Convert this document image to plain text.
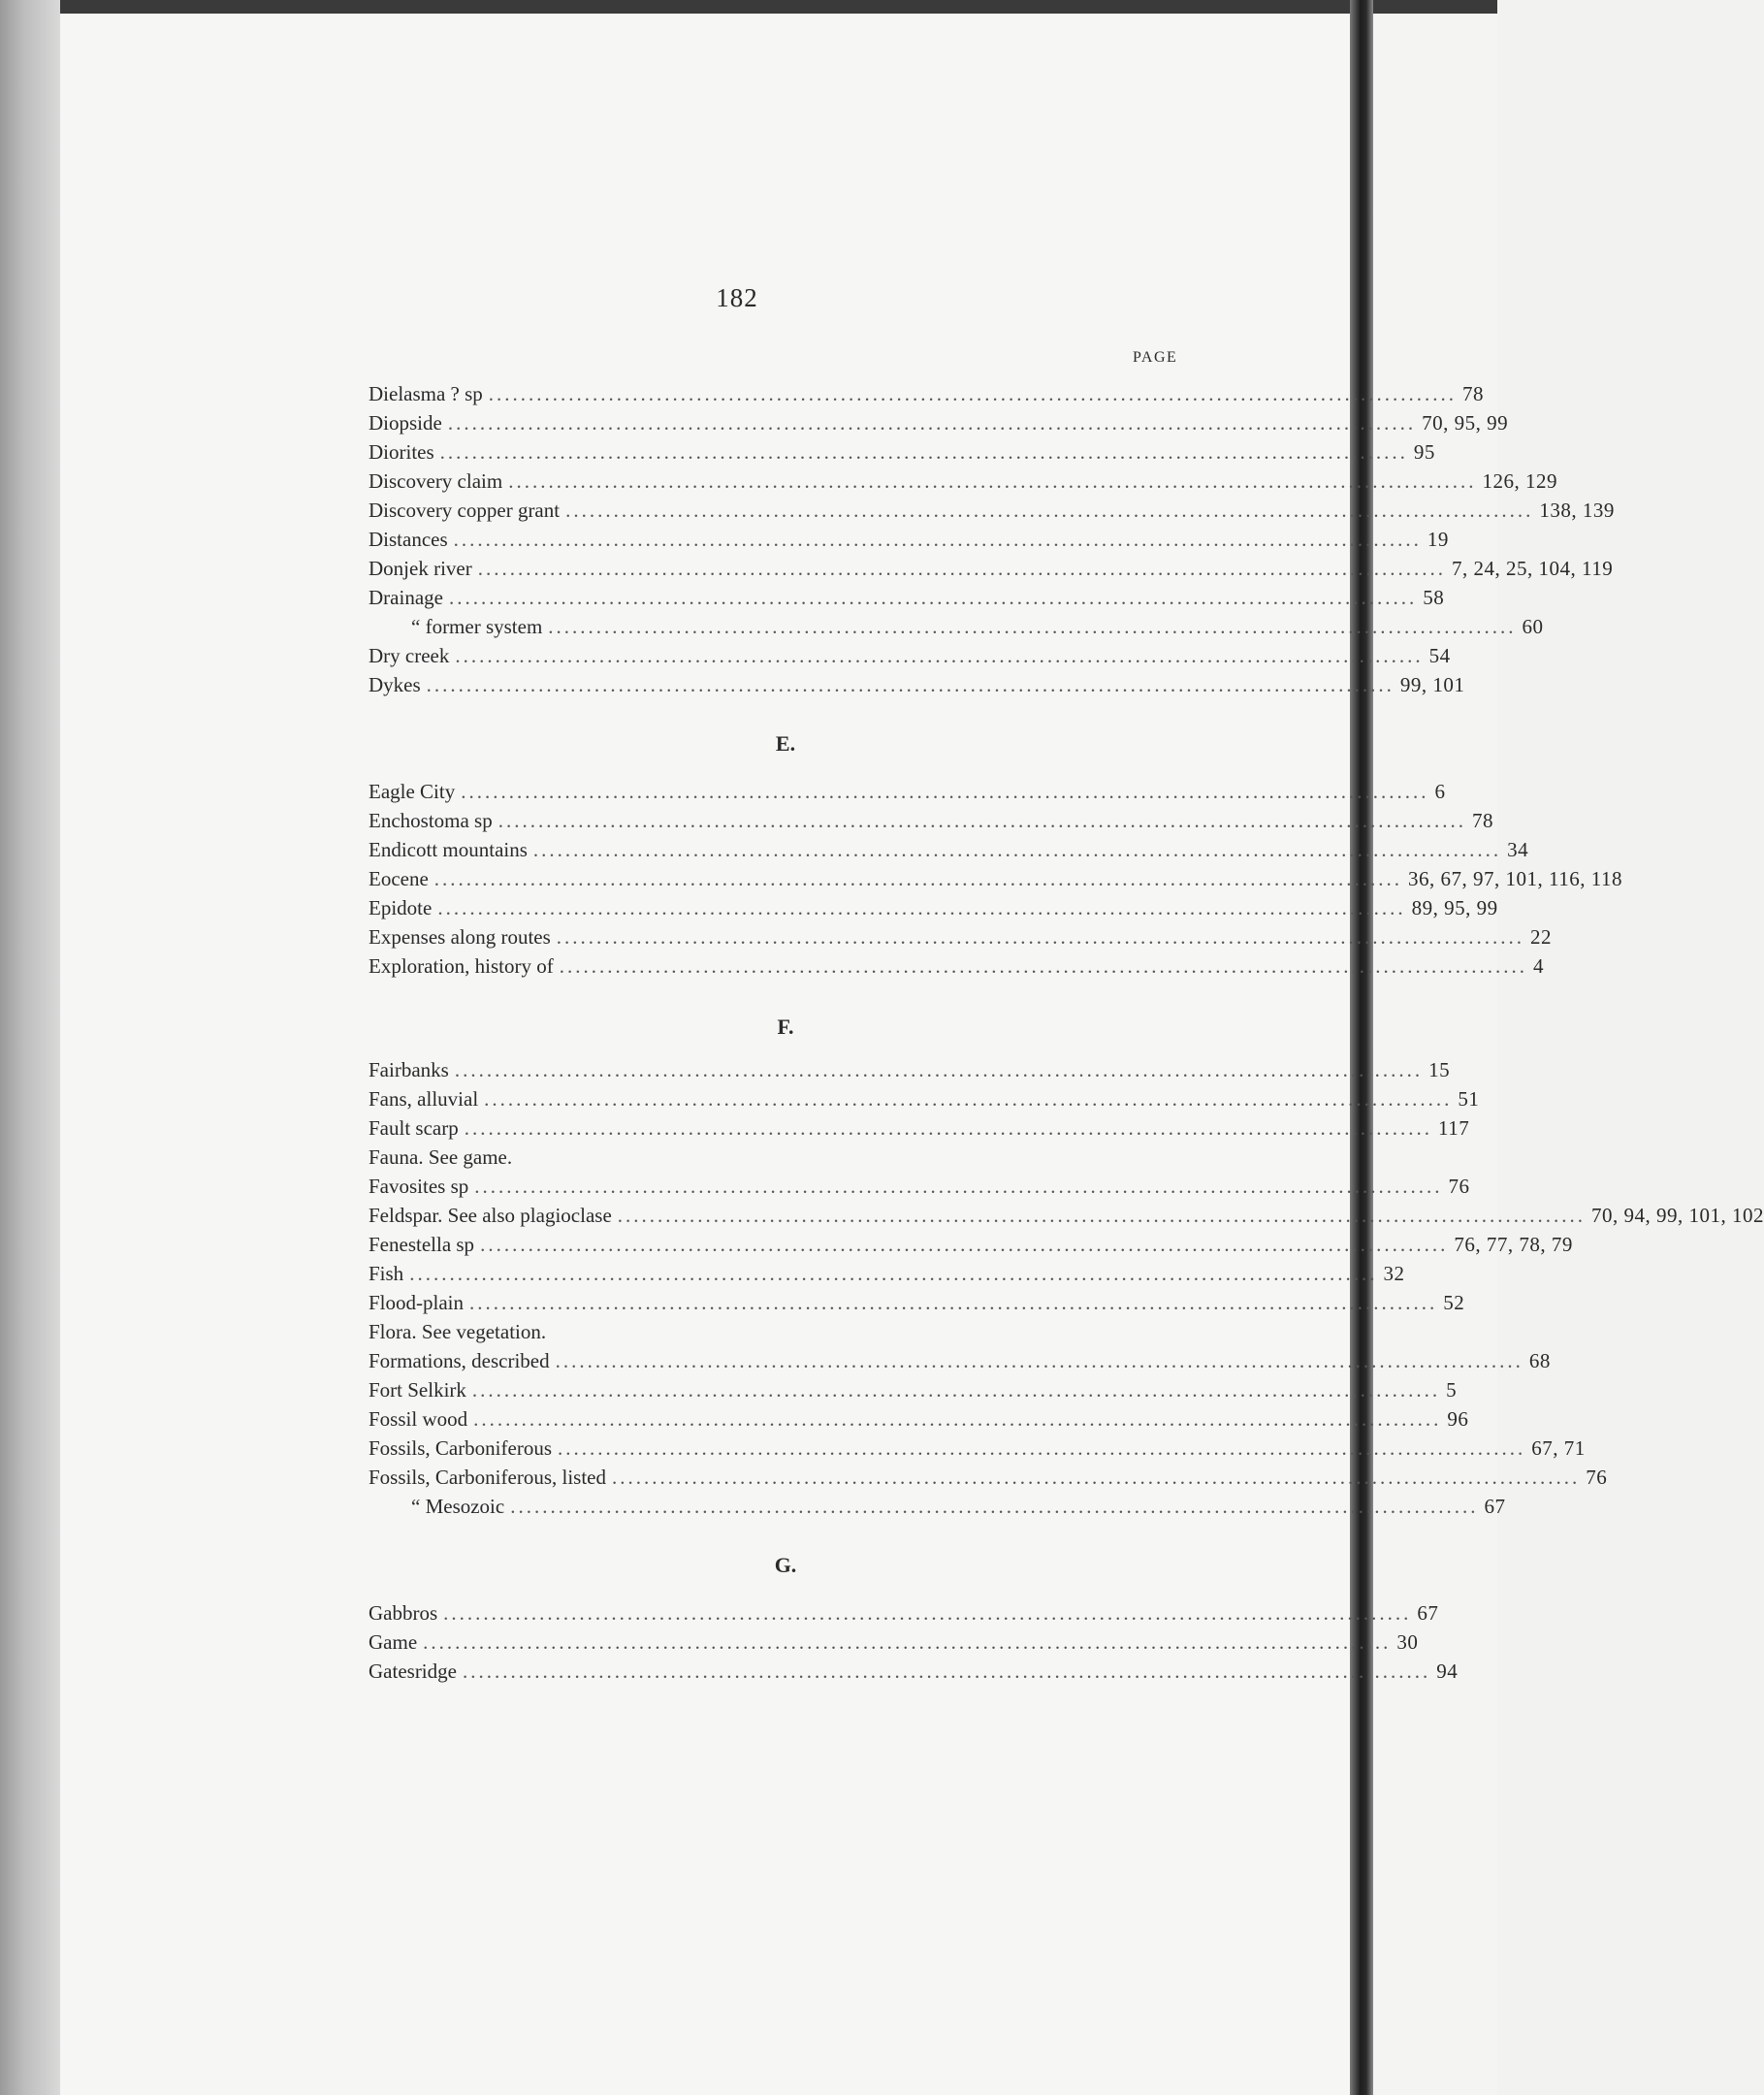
182
PAGE
Dielasma ? sp ......................................................................................................................... 78
Diopside ......................................................................................................................... 70, 95, 99
Diorites ......................................................................................................................... 95
Discovery claim ......................................................................................................................... 126, 129
Discovery copper grant ......................................................................................................................... 138, 139
Distances ......................................................................................................................... 19
Donjek river ......................................................................................................................... 7, 24, 25, 104, 119
Drainage ......................................................................................................................... 58
“ former system ......................................................................................................................... 60
Dry creek ......................................................................................................................... 54
Dykes ......................................................................................................................... 99, 101
E.
Eagle City ......................................................................................................................... 6
Enchostoma sp ......................................................................................................................... 78
Endicott mountains ......................................................................................................................... 34
Eocene ......................................................................................................................... 36, 67, 97, 101, 116, 118
Epidote ......................................................................................................................... 89, 95, 99
Expenses along routes ......................................................................................................................... 22
Exploration, history of ......................................................................................................................... 4
F.
Fairbanks ......................................................................................................................... 15
Fans, alluvial ......................................................................................................................... 51
Fault scarp ......................................................................................................................... 117
Fauna. See game.
Favosites sp ......................................................................................................................... 76
Feldspar. See also plagioclase ......................................................................................................................... 70, 94, 99, 101, 102
Fenestella sp ......................................................................................................................... 76, 77, 78, 79
Fish ......................................................................................................................... 32
Flood-plain ......................................................................................................................... 52
Flora. See vegetation.
Formations, described ......................................................................................................................... 68
Fort Selkirk ......................................................................................................................... 5
Fossil wood ......................................................................................................................... 96
Fossils, Carboniferous ......................................................................................................................... 67, 71
Fossils, Carboniferous, listed ......................................................................................................................... 76
“ Mesozoic ......................................................................................................................... 67
G.
Gabbros ......................................................................................................................... 67
Game ......................................................................................................................... 30
Gatesridge ......................................................................................................................... 94
